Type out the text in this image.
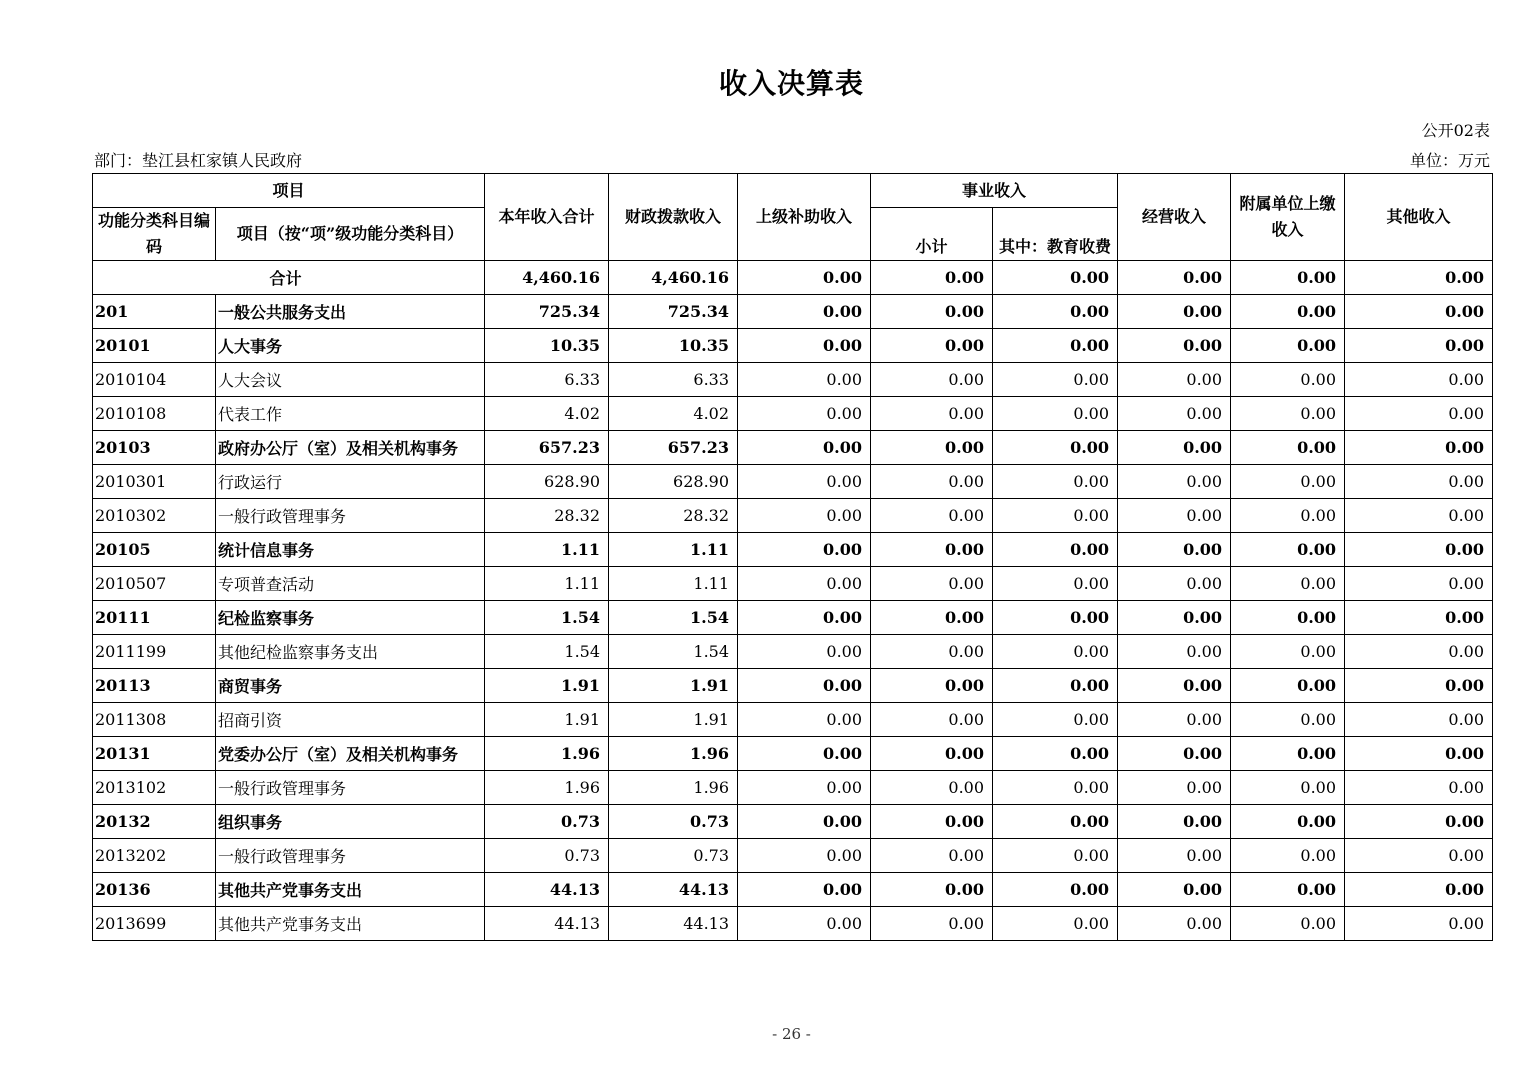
收入决算表
公开02表
部门：垫江县杠家镇人民政府	单位：万元
项目		本年收入合计	财政拨款收入	上级补助收入	事业收入		经营收入	附属单位上缴收入	其他收入
功能分类科目编码	项目（按“项”级功能分类科目）				小计	其中：教育收费			
合计		4,460.16	4,460.16	0.00	0.00	0.00	0.00	0.00	0.00
201	一般公共服务支出	725.34	725.34	0.00	0.00	0.00	0.00	0.00	0.00
20101	人大事务	10.35	10.35	0.00	0.00	0.00	0.00	0.00	0.00
2010104	人大会议	6.33	6.33	0.00	0.00	0.00	0.00	0.00	0.00
2010108	代表工作	4.02	4.02	0.00	0.00	0.00	0.00	0.00	0.00
20103	政府办公厅（室）及相关机构事务	657.23	657.23	0.00	0.00	0.00	0.00	0.00	0.00
2010301	行政运行	628.90	628.90	0.00	0.00	0.00	0.00	0.00	0.00
2010302	一般行政管理事务	28.32	28.32	0.00	0.00	0.00	0.00	0.00	0.00
20105	统计信息事务	1.11	1.11	0.00	0.00	0.00	0.00	0.00	0.00
2010507	专项普查活动	1.11	1.11	0.00	0.00	0.00	0.00	0.00	0.00
20111	纪检监察事务	1.54	1.54	0.00	0.00	0.00	0.00	0.00	0.00
2011199	其他纪检监察事务支出	1.54	1.54	0.00	0.00	0.00	0.00	0.00	0.00
20113	商贸事务	1.91	1.91	0.00	0.00	0.00	0.00	0.00	0.00
2011308	招商引资	1.91	1.91	0.00	0.00	0.00	0.00	0.00	0.00
20131	党委办公厅（室）及相关机构事务	1.96	1.96	0.00	0.00	0.00	0.00	0.00	0.00
2013102	一般行政管理事务	1.96	1.96	0.00	0.00	0.00	0.00	0.00	0.00
20132	组织事务	0.73	0.73	0.00	0.00	0.00	0.00	0.00	0.00
2013202	一般行政管理事务	0.73	0.73	0.00	0.00	0.00	0.00	0.00	0.00
20136	其他共产党事务支出	44.13	44.13	0.00	0.00	0.00	0.00	0.00	0.00
2013699	其他共产党事务支出	44.13	44.13	0.00	0.00	0.00	0.00	0.00	0.00
- 26 -
